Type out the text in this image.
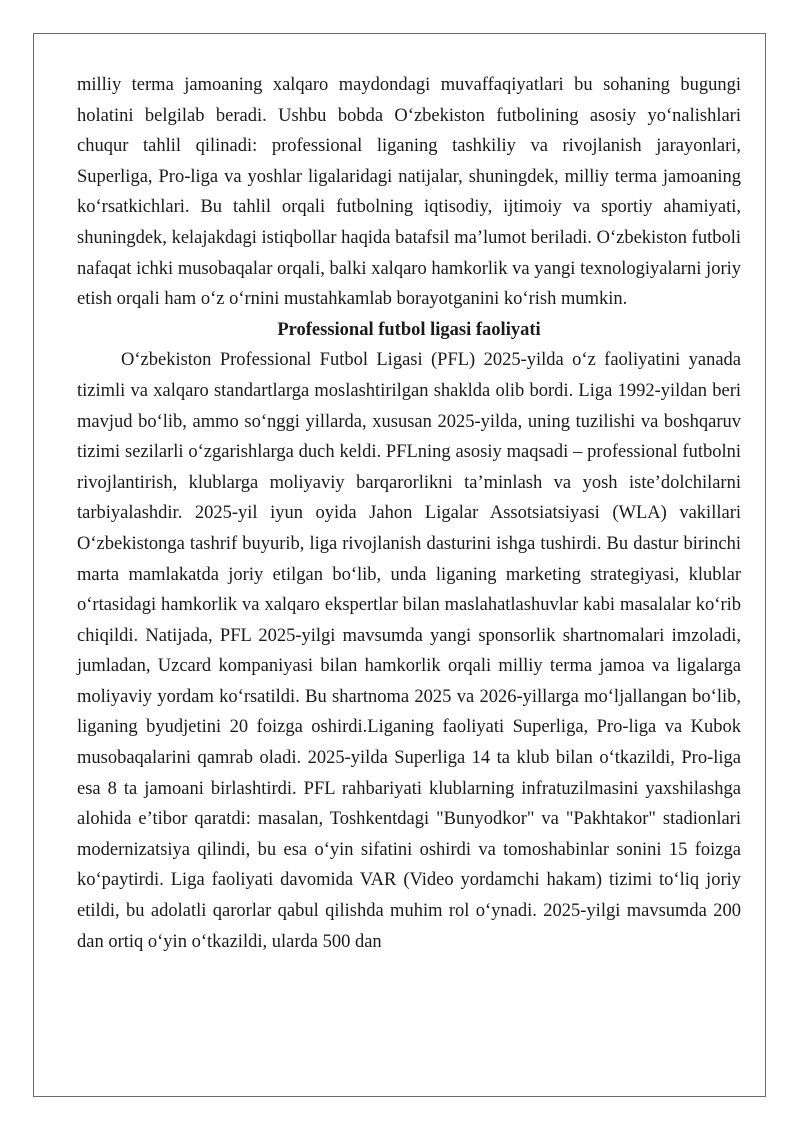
milliy terma jamoaning xalqaro maydondagi muvaffaqiyatlari bu sohaning bugungi holatini belgilab beradi. Ushbu bobda O‘zbekiston futbolining asosiy yo‘nalishlari chuqur tahlil qilinadi: professional liganing tashkiliy va rivojlanish jarayonlari, Superliga, Pro-liga va yoshlar ligalaridagi natijalar, shuningdek, milliy terma jamoaning ko‘rsatkichlari. Bu tahlil orqali futbolning iqtisodiy, ijtimoiy va sportiy ahamiyati, shuningdek, kelajakdagi istiqbollar haqida batafsil ma’lumot beriladi. O‘zbekiston futboli nafaqat ichki musobaqalar orqali, balki xalqaro hamkorlik va yangi texnologiyalarni joriy etish orqali ham o‘z o‘rnini mustahkamlab borayotganini ko‘rish mumkin.

Professional futbol ligasi faoliyati

O‘zbekiston Professional Futbol Ligasi (PFL) 2025-yilda o‘z faoliyatini yanada tizimli va xalqaro standartlarga moslashtirilgan shaklda olib bordi. Liga 1992-yildan beri mavjud bo‘lib, ammo so‘nggi yillarda, xususan 2025-yilda, uning tuzilishi va boshqaruv tizimi sezilarli o‘zgarishlarga duch keldi. PFLning asosiy maqsadi – professional futbolni rivojlantirish, klublarga moliyaviy barqarorlikni ta’minlash va yosh iste’dolchilarni tarbiyalashdir. 2025-yil iyun oyida Jahon Ligalar Assotsiatsiyasi (WLA) vakillari O‘zbekistonga tashrif buyurib, liga rivojlanish dasturini ishga tushirdi. Bu dastur birinchi marta mamlakatda joriy etilgan bo‘lib, unda liganing marketing strategiyasi, klublar o‘rtasidagi hamkorlik va xalqaro ekspertlar bilan maslahatlashuvlar kabi masalalar ko‘rib chiqildi. Natijada, PFL 2025-yilgi mavsumda yangi sponsorlik shartnomalari imzoladi, jumladan, Uzcard kompaniyasi bilan hamkorlik orqali milliy terma jamoa va ligalarga moliyaviy yordam ko‘rsatildi. Bu shartnoma 2025 va 2026-yillarga mo‘ljallangan bo‘lib, liganing byudjetini 20 foizga oshirdi.Liganing faoliyati Superliga, Pro-liga va Kubok musobaqalarini qamrab oladi. 2025-yilda Superliga 14 ta klub bilan o‘tkazildi, Pro-liga esa 8 ta jamoani birlashtirdi. PFL rahbariyati klublarning infratuzilmasini yaxshilashga alohida e’tibor qaratdi: masalan, Toshkentdagi "Bunyodkor" va "Pakhtakor" stadionlari modernizatsiya qilindi, bu esa o‘yin sifatini oshirdi va tomoshabinlar sonini 15 foizga ko‘paytirdi. Liga faoliyati davomida VAR (Video yordamchi hakam) tizimi to‘liq joriy etildi, bu adolatli qarorlar qabul qilishda muhim rol o‘ynadi. 2025-yilgi mavsumda 200 dan ortiq o‘yin o‘tkazildi, ularda 500 dan
